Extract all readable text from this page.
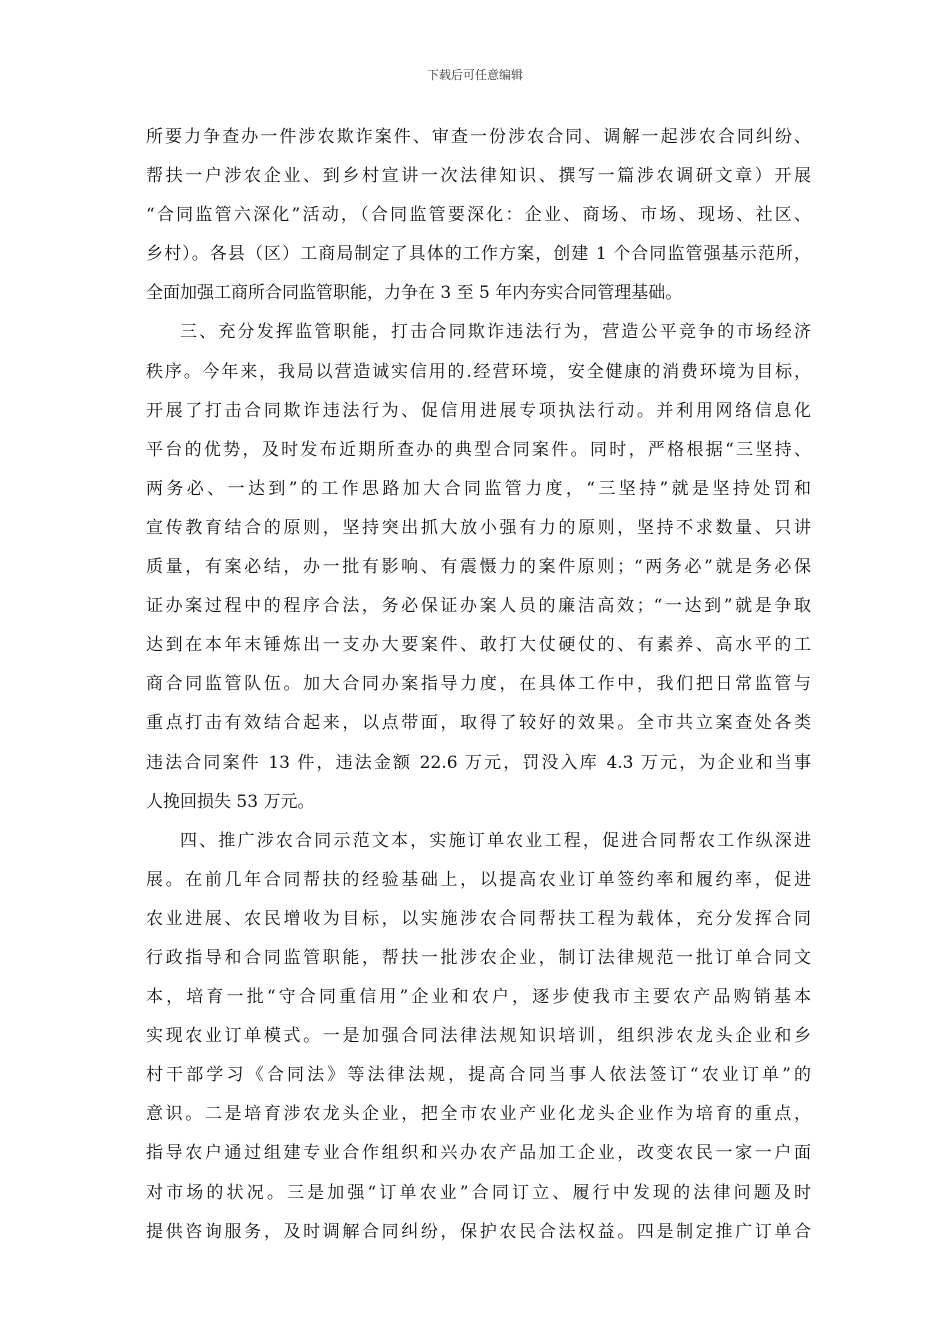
下载后可任意编辑
所要力争查办一件涉农欺诈案件、审查一份涉农合同、调解一起涉农合同纠纷、
帮扶一户涉农企业、到乡村宣讲一次法律知识、撰写一篇涉农调研文章）开展
“合同监管六深化”活动，（合同监管要深化：企业、商场、市场、现场、社区、
乡村）。各县（区）工商局制定了具体的工作方案，创建 1 个合同监管强基示范所，
全面加强工商所合同监管职能，力争在 3 至 5 年内夯实合同管理基础。
三、充分发挥监管职能，打击合同欺诈违法行为，营造公平竞争的市场经济
秩序。今年来，我局以营造诚实信用的.经营环境，安全健康的消费环境为目标，
开展了打击合同欺诈违法行为、促信用进展专项执法行动。并利用网络信息化
平台的优势，及时发布近期所查办的典型合同案件。同时，严格根据“三坚持、
两务必、一达到”的工作思路加大合同监管力度，“三坚持”就是坚持处罚和
宣传教育结合的原则，坚持突出抓大放小强有力的原则，坚持不求数量、只讲
质量，有案必结，办一批有影响、有震慑力的案件原则；“两务必”就是务必保
证办案过程中的程序合法，务必保证办案人员的廉洁高效；“一达到”就是争取
达到在本年末锤炼出一支办大要案件、敢打大仗硬仗的、有素养、高水平的工
商合同监管队伍。加大合同办案指导力度，在具体工作中，我们把日常监管与
重点打击有效结合起来，以点带面，取得了较好的效果。全市共立案查处各类
违法合同案件 13 件，违法金额 22.6 万元，罚没入库 4.3 万元，为企业和当事
人挽回损失 53 万元。
四、推广涉农合同示范文本，实施订单农业工程，促进合同帮农工作纵深进
展。在前几年合同帮扶的经验基础上，以提高农业订单签约率和履约率，促进
农业进展、农民增收为目标，以实施涉农合同帮扶工程为载体，充分发挥合同
行政指导和合同监管职能，帮扶一批涉农企业，制订法律规范一批订单合同文
本，培育一批“守合同重信用”企业和农户，逐步使我市主要农产品购销基本
实现农业订单模式。一是加强合同法律法规知识培训，组织涉农龙头企业和乡
村干部学习《合同法》等法律法规，提高合同当事人依法签订“农业订单”的
意识。二是培育涉农龙头企业，把全市农业产业化龙头企业作为培育的重点，
指导农户通过组建专业合作组织和兴办农产品加工企业，改变农民一家一户面
对市场的状况。三是加强“订单农业”合同订立、履行中发现的法律问题及时
提供咨询服务，及时调解合同纠纷，保护农民合法权益。四是制定推广订单合
